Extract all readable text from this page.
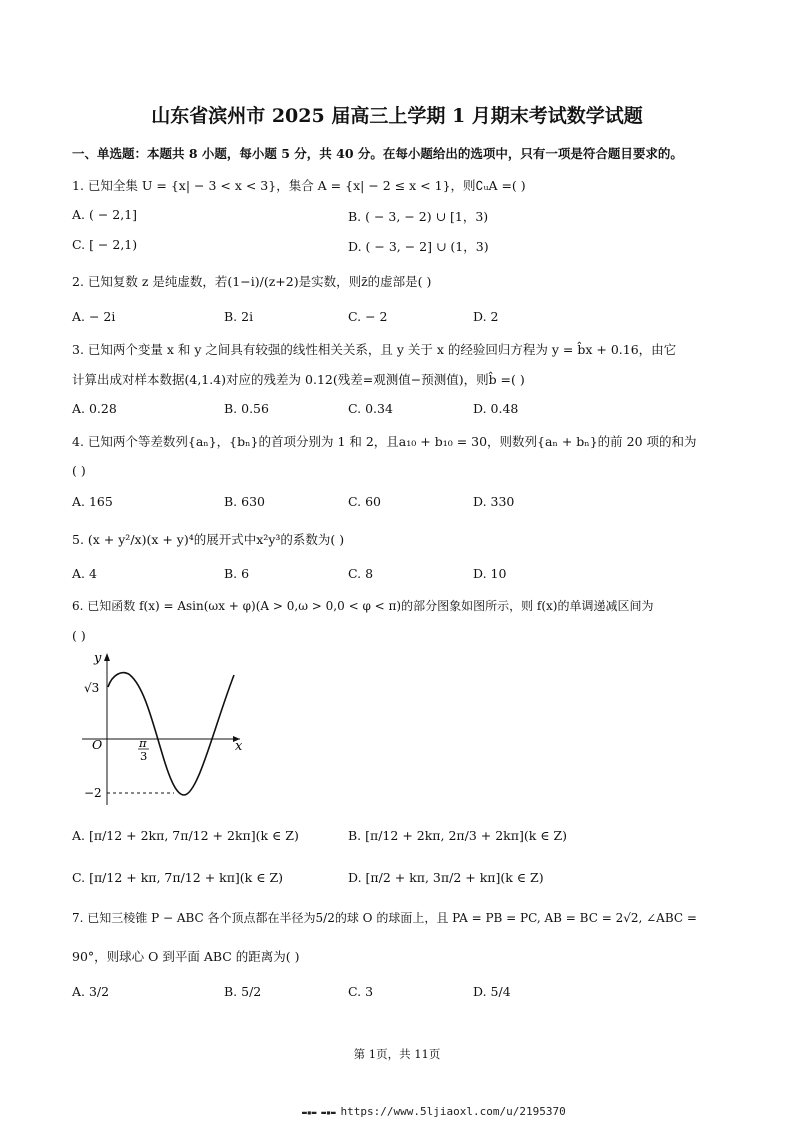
山东省滨州市 2025 届高三上学期 1 月期末考试数学试题
一、单选题：本题共 8 小题，每小题 5 分，共 40 分。在每小题给出的选项中，只有一项是符合题目要求的。
1. 已知全集 U = {x| − 3 < x < 3}，集合 A = {x| − 2 ≤ x < 1}，则∁ᵤA =( )
A. ( − 2,1]	B. ( − 3, − 2) ∪ [1，3)
C. [ − 2,1)	D. ( − 3, − 2] ∪ (1，3)
2. 已知复数 z 是纯虚数，若(1−i)/(z+2)是实数，则z̄的虚部是( )
A. − 2i	B. 2i	C. − 2	D. 2
3. 已知两个变量 x 和 y 之间具有较强的线性相关关系，且 y 关于 x 的经验回归方程为 y = b̂x + 0.16，由它
计算出成对样本数据(4,1.4)对应的残差为 0.12(残差=观测值−预测值)，则b̂ =( )
A. 0.28	B. 0.56	C. 0.34	D. 0.48
4. 已知两个等差数列{aₙ}，{bₙ}的首项分别为 1 和 2，且a₁₀ + b₁₀ = 30，则数列{aₙ + bₙ}的前 20 项的和为
( )
A. 165	B. 630	C. 60	D. 330
5. (x + y²/x)(x + y)⁴的展开式中x²y³的系数为( )
A. 4	B. 6	C. 8	D. 10
6. 已知函数 f(x) = Asin(ωx + φ)(A > 0,ω > 0,0 < φ < π)的部分图象如图所示，则 f(x)的单调递减区间为
( )
y
x
O
√3
−2
π
3
A. [π/12 + 2kπ, 7π/12 + 2kπ](k ∈ Z)	B. [π/12 + 2kπ, 2π/3 + 2kπ](k ∈ Z)
C. [π/12 + kπ, 7π/12 + kπ](k ∈ Z)	D. [π/2 + kπ, 3π/2 + kπ](k ∈ Z)
7. 已知三棱锥 P − ABC 各个顶点都在半径为5/2的球 O 的球面上，且 PA = PB = PC, AB = BC = 2√2, ∠ABC =
90°，则球心 O 到平面 ABC 的距离为( )
A. 3/2	B. 5/2	C. 3	D. 5/4
第 1页，共 11页
▬▪▬ ▬▪▬ https://www.5ljiaoxl.com/u/2195370
